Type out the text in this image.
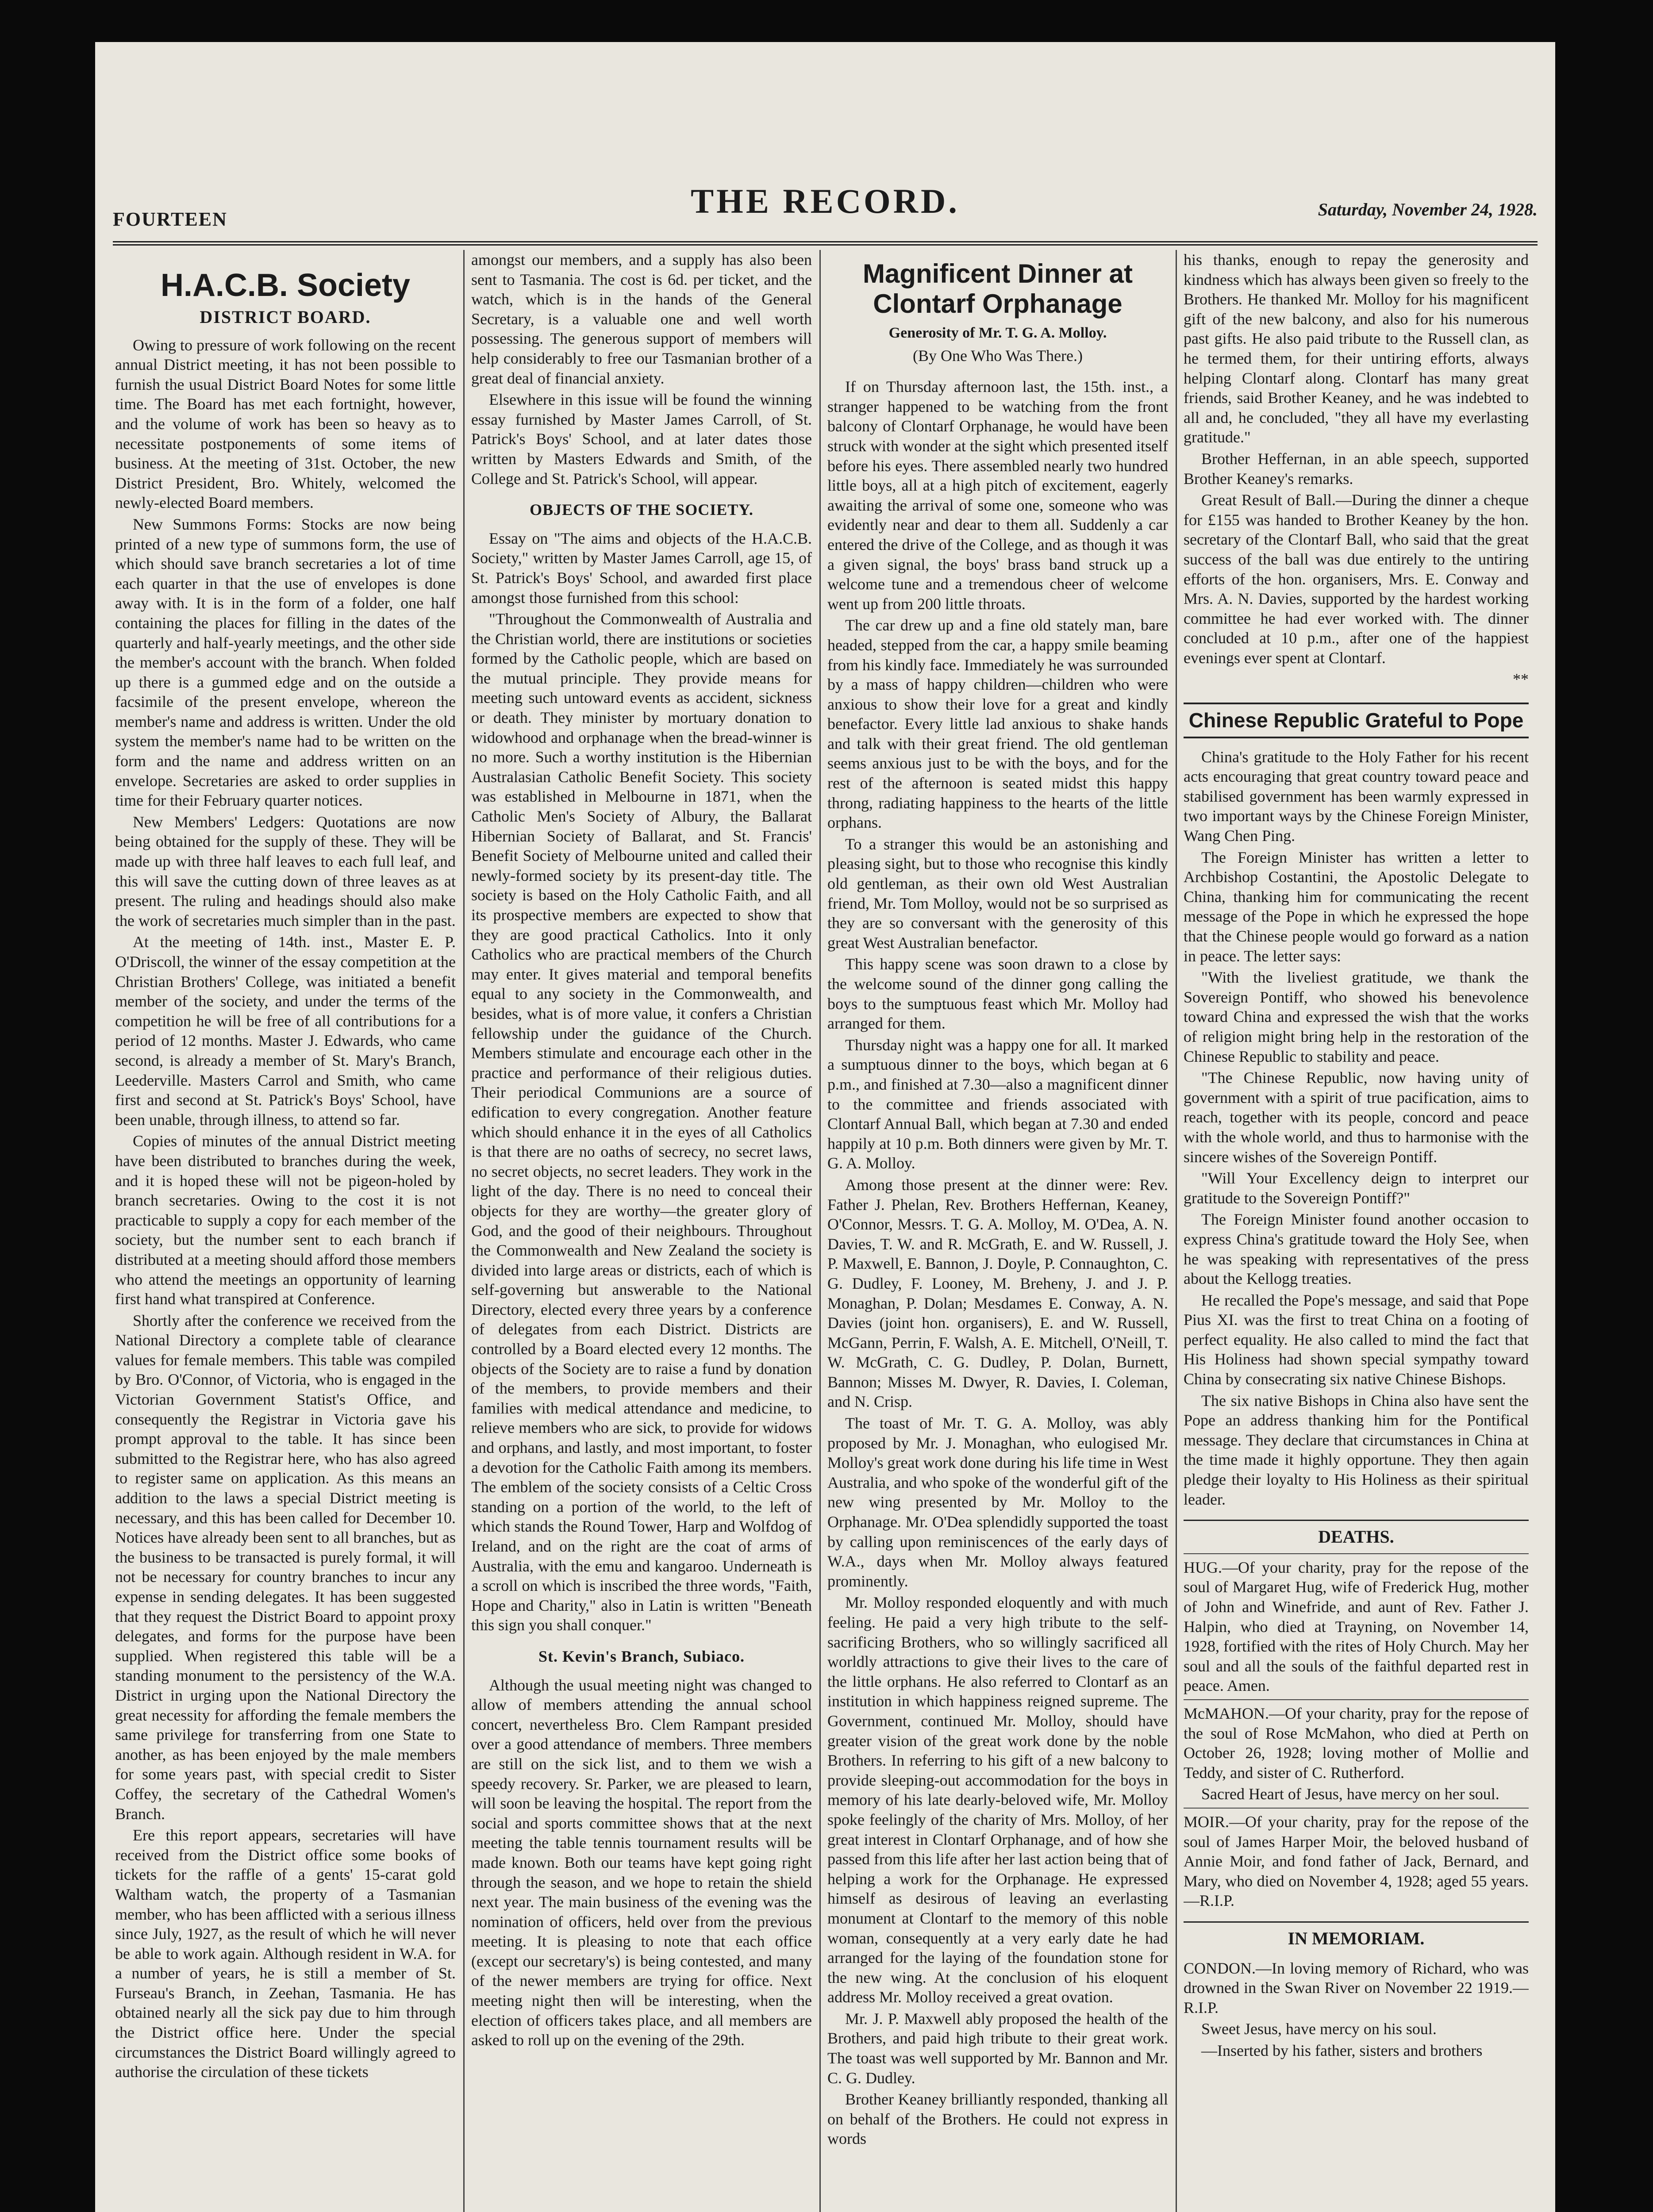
FOURTEEN	THE RECORD.	Saturday, November 24, 1928.
H.A.C.B. Society
DISTRICT BOARD.

Owing to pressure of work following on the recent annual District meeting, it has not been possible to furnish the usual District Board Notes for some little time. The Board has met each fortnight, however, and the volume of work has been so heavy as to necessitate postponements of some items of business. At the meeting of 31st. October, the new District President, Bro. Whitely, welcomed the newly-elected Board members.

New Summons Forms: Stocks are now being printed of a new type of summons form, the use of which should save branch secretaries a lot of time each quarter in that the use of envelopes is done away with. It is in the form of a folder, one half containing the places for filling in the dates of the quarterly and half-yearly meetings, and the other side the member's account with the branch. When folded up there is a gummed edge and on the outside a facsimile of the present envelope, whereon the member's name and address is written. Under the old system the member's name had to be written on the form and the name and address written on an envelope. Secretaries are asked to order supplies in time for their February quarter notices.

New Members' Ledgers: Quotations are now being obtained for the supply of these. They will be made up with three half leaves to each full leaf, and this will save the cutting down of three leaves as at present. The ruling and headings should also make the work of secretaries much simpler than in the past.

At the meeting of 14th. inst., Master E. P. O'Driscoll, the winner of the essay competition at the Christian Brothers' College, was initiated a benefit member of the society, and under the terms of the competition he will be free of all contributions for a period of 12 months. Master J. Edwards, who came second, is already a member of St. Mary's Branch, Leederville. Masters Carrol and Smith, who came first and second at St. Patrick's Boys' School, have been unable, through illness, to attend so far.

Copies of minutes of the annual District meeting have been distributed to branches during the week, and it is hoped these will not be pigeon-holed by branch secretaries. Owing to the cost it is not practicable to supply a copy for each member of the society, but the number sent to each branch if distributed at a meeting should afford those members who attend the meetings an opportunity of learning first hand what transpired at Conference.

Shortly after the conference we received from the National Directory a complete table of clearance values for female members. This table was compiled by Bro. O'Connor, of Victoria, who is engaged in the Victorian Government Statist's Office, and consequently the Registrar in Victoria gave his prompt approval to the table. It has since been submitted to the Registrar here, who has also agreed to register same on application. As this means an addition to the laws a special District meeting is necessary, and this has been called for December 10. Notices have already been sent to all branches, but as the business to be transacted is purely formal, it will not be necessary for country branches to incur any expense in sending delegates. It has been suggested that they request the District Board to appoint proxy delegates, and forms for the purpose have been supplied. When registered this table will be a standing monument to the persistency of the W.A. District in urging upon the National Directory the great necessity for affording the female members the same privilege for transferring from one State to another, as has been enjoyed by the male members for some years past, with special credit to Sister Coffey, the secretary of the Cathedral Women's Branch.

Ere this report appears, secretaries will have received from the District office some books of tickets for the raffle of a gents' 15-carat gold Waltham watch, the property of a Tasmanian member, who has been afflicted with a serious illness since July, 1927, as the result of which he will never be able to work again. Although resident in W.A. for a number of years, he is still a member of St. Furseau's Branch, in Zeehan, Tasmania. He has obtained nearly all the sick pay due to him through the District office here. Under the special circumstances the District Board willingly agreed to authorise the circulation of these tickets

amongst our members, and a supply has also been sent to Tasmania. The cost is 6d. per ticket, and the watch, which is in the hands of the General Secretary, is a valuable one and well worth possessing. The generous support of members will help considerably to free our Tasmanian brother of a great deal of financial anxiety.

Elsewhere in this issue will be found the winning essay furnished by Master James Carroll, of St. Patrick's Boys' School, and at later dates those written by Masters Edwards and Smith, of the College and St. Patrick's School, will appear.

OBJECTS OF THE SOCIETY.

Essay on "The aims and objects of the H.A.C.B. Society," written by Master James Carroll, age 15, of St. Patrick's Boys' School, and awarded first place amongst those furnished from this school:

"Throughout the Commonwealth of Australia and the Christian world, there are institutions or societies formed by the Catholic people, which are based on the mutual principle. They provide means for meeting such untoward events as accident, sickness or death. They minister by mortuary donation to widowhood and orphanage when the bread-winner is no more. Such a worthy institution is the Hibernian Australasian Catholic Benefit Society. This society was established in Melbourne in 1871, when the Catholic Men's Society of Albury, the Ballarat Hibernian Society of Ballarat, and St. Francis' Benefit Society of Melbourne united and called their newly-formed society by its present-day title. The society is based on the Holy Catholic Faith, and all its prospective members are expected to show that they are good practical Catholics. Into it only Catholics who are practical members of the Church may enter. It gives material and temporal benefits equal to any society in the Commonwealth, and besides, what is of more value, it confers a Christian fellowship under the guidance of the Church. Members stimulate and encourage each other in the practice and performance of their religious duties. Their periodical Communions are a source of edification to every congregation. Another feature which should enhance it in the eyes of all Catholics is that there are no oaths of secrecy, no secret laws, no secret objects, no secret leaders. They work in the light of the day. There is no need to conceal their objects for they are worthy—the greater glory of God, and the good of their neighbours. Throughout the Commonwealth and New Zealand the society is divided into large areas or districts, each of which is self-governing but answerable to the National Directory, elected every three years by a conference of delegates from each District. Districts are controlled by a Board elected every 12 months. The objects of the Society are to raise a fund by donation of the members, to provide members and their families with medical attendance and medicine, to relieve members who are sick, to provide for widows and orphans, and lastly, and most important, to foster a devotion for the Catholic Faith among its members. The emblem of the society consists of a Celtic Cross standing on a portion of the world, to the left of which stands the Round Tower, Harp and Wolfdog of Ireland, and on the right are the coat of arms of Australia, with the emu and kangaroo. Underneath is a scroll on which is inscribed the three words, "Faith, Hope and Charity," also in Latin is written "Beneath this sign you shall conquer."

St. Kevin's Branch, Subiaco.

Although the usual meeting night was changed to allow of members attending the annual school concert, nevertheless Bro. Clem Rampant presided over a good attendance of members. Three members are still on the sick list, and to them we wish a speedy recovery. Sr. Parker, we are pleased to learn, will soon be leaving the hospital. The report from the social and sports committee shows that at the next meeting the table tennis tournament results will be made known. Both our teams have kept going right through the season, and we hope to retain the shield next year. The main business of the evening was the nomination of officers, held over from the previous meeting. It is pleasing to note that each office (except our secretary's) is being contested, and many of the newer members are trying for office. Next meeting night then will be interesting, when the election of officers takes place, and all members are asked to roll up on the evening of the 29th.

Magnificent Dinner at Clontarf Orphanage
Generosity of Mr. T. G. A. Molloy.
(By One Who Was There.)

If on Thursday afternoon last, the 15th. inst., a stranger happened to be watching from the front balcony of Clontarf Orphanage, he would have been struck with wonder at the sight which presented itself before his eyes. There assembled nearly two hundred little boys, all at a high pitch of excitement, eagerly awaiting the arrival of some one, someone who was evidently near and dear to them all. Suddenly a car entered the drive of the College, and as though it was a given signal, the boys' brass band struck up a welcome tune and a tremendous cheer of welcome went up from 200 little throats.

The car drew up and a fine old stately man, bare headed, stepped from the car, a happy smile beaming from his kindly face. Immediately he was surrounded by a mass of happy children—children who were anxious to show their love for a great and kindly benefactor. Every little lad anxious to shake hands and talk with their great friend. The old gentleman seems anxious just to be with the boys, and for the rest of the afternoon is seated midst this happy throng, radiating happiness to the hearts of the little orphans.

To a stranger this would be an astonishing and pleasing sight, but to those who recognise this kindly old gentleman, as their own old West Australian friend, Mr. Tom Molloy, would not be so surprised as they are so conversant with the generosity of this great West Australian benefactor.

This happy scene was soon drawn to a close by the welcome sound of the dinner gong calling the boys to the sumptuous feast which Mr. Molloy had arranged for them.

Thursday night was a happy one for all. It marked a sumptuous dinner to the boys, which began at 6 p.m., and finished at 7.30—also a magnificent dinner to the committee and friends associated with Clontarf Annual Ball, which began at 7.30 and ended happily at 10 p.m. Both dinners were given by Mr. T. G. A. Molloy.

Among those present at the dinner were: Rev. Father J. Phelan, Rev. Brothers Heffernan, Keaney, O'Connor, Messrs. T. G. A. Molloy, M. O'Dea, A. N. Davies, T. W. and R. McGrath, E. and W. Russell, J. P. Maxwell, E. Bannon, J. Doyle, P. Connaughton, C. G. Dudley, F. Looney, M. Breheny, J. and J. P. Monaghan, P. Dolan; Mesdames E. Conway, A. N. Davies (joint hon. organisers), E. and W. Russell, McGann, Perrin, F. Walsh, A. E. Mitchell, O'Neill, T. W. McGrath, C. G. Dudley, P. Dolan, Burnett, Bannon; Misses M. Dwyer, R. Davies, I. Coleman, and N. Crisp.

The toast of Mr. T. G. A. Molloy, was ably proposed by Mr. J. Monaghan, who eulogised Mr. Molloy's great work done during his life time in West Australia, and who spoke of the wonderful gift of the new wing presented by Mr. Molloy to the Orphanage. Mr. O'Dea splendidly supported the toast by calling upon reminiscences of the early days of W.A., days when Mr. Molloy always featured prominently.

Mr. Molloy responded eloquently and with much feeling. He paid a very high tribute to the self-sacrificing Brothers, who so willingly sacrificed all worldly attractions to give their lives to the care of the little orphans. He also referred to Clontarf as an institution in which happiness reigned supreme. The Government, continued Mr. Molloy, should have greater vision of the great work done by the noble Brothers. In referring to his gift of a new balcony to provide sleeping-out accommodation for the boys in memory of his late dearly-beloved wife, Mr. Molloy spoke feelingly of the charity of Mrs. Molloy, of her great interest in Clontarf Orphanage, and of how she passed from this life after her last action being that of helping a work for the Orphanage. He expressed himself as desirous of leaving an everlasting monument at Clontarf to the memory of this noble woman, consequently at a very early date he had arranged for the laying of the foundation stone for the new wing. At the conclusion of his eloquent address Mr. Molloy received a great ovation.

Mr. J. P. Maxwell ably proposed the health of the Brothers, and paid high tribute to their great work. The toast was well supported by Mr. Bannon and Mr. C. G. Dudley.

Brother Keaney brilliantly responded, thanking all on behalf of the Brothers. He could not express in words

his thanks, enough to repay the generosity and kindness which has always been given so freely to the Brothers. He thanked Mr. Molloy for his magnificent gift of the new balcony, and also for his numerous past gifts. He also paid tribute to the Russell clan, as he termed them, for their untiring efforts, always helping Clontarf along. Clontarf has many great friends, said Brother Keaney, and he was indebted to all and, he concluded, "they all have my everlasting gratitude."

Brother Heffernan, in an able speech, supported Brother Keaney's remarks.

Great Result of Ball.—During the dinner a cheque for £155 was handed to Brother Keaney by the hon. secretary of the Clontarf Ball, who said that the great success of the ball was due entirely to the untiring efforts of the hon. organisers, Mrs. E. Conway and Mrs. A. N. Davies, supported by the hardest working committee he had ever worked with. The dinner concluded at 10 p.m., after one of the happiest evenings ever spent at Clontarf.

**
Chinese Republic Grateful to Pope

China's gratitude to the Holy Father for his recent acts encouraging that great country toward peace and stabilised government has been warmly expressed in two important ways by the Chinese Foreign Minister, Wang Chen Ping.

The Foreign Minister has written a letter to Archbishop Costantini, the Apostolic Delegate to China, thanking him for communicating the recent message of the Pope in which he expressed the hope that the Chinese people would go forward as a nation in peace. The letter says:

"With the liveliest gratitude, we thank the Sovereign Pontiff, who showed his benevolence toward China and expressed the wish that the works of religion might bring help in the restoration of the Chinese Republic to stability and peace.

"The Chinese Republic, now having unity of government with a spirit of true pacification, aims to reach, together with its people, concord and peace with the whole world, and thus to harmonise with the sincere wishes of the Sovereign Pontiff.

"Will Your Excellency deign to interpret our gratitude to the Sovereign Pontiff?"

The Foreign Minister found another occasion to express China's gratitude toward the Holy See, when he was speaking with representatives of the press about the Kellogg treaties.

He recalled the Pope's message, and said that Pope Pius XI. was the first to treat China on a footing of perfect equality. He also called to mind the fact that His Holiness had shown special sympathy toward China by consecrating six native Chinese Bishops.

The six native Bishops in China also have sent the Pope an address thanking him for the Pontifical message. They declare that circumstances in China at the time made it highly opportune. They then again pledge their loyalty to His Holiness as their spiritual leader.

DEATHS.

HUG.—Of your charity, pray for the repose of the soul of Margaret Hug, wife of Frederick Hug, mother of John and Winefride, and aunt of Rev. Father J. Halpin, who died at Trayning, on November 14, 1928, fortified with the rites of Holy Church. May her soul and all the souls of the faithful departed rest in peace. Amen.

McMAHON.—Of your charity, pray for the repose of the soul of Rose McMahon, who died at Perth on October 26, 1928; loving mother of Mollie and Teddy, and sister of C. Rutherford.

Sacred Heart of Jesus, have mercy on her soul.

MOIR.—Of your charity, pray for the repose of the soul of James Harper Moir, the beloved husband of Annie Moir, and fond father of Jack, Bernard, and Mary, who died on November 4, 1928; aged 55 years.—R.I.P.

IN MEMORIAM.

CONDON.—In loving memory of Richard, who was drowned in the Swan River on November 22 1919.—R.I.P.

Sweet Jesus, have mercy on his soul.

—Inserted by his father, sisters and brothers
